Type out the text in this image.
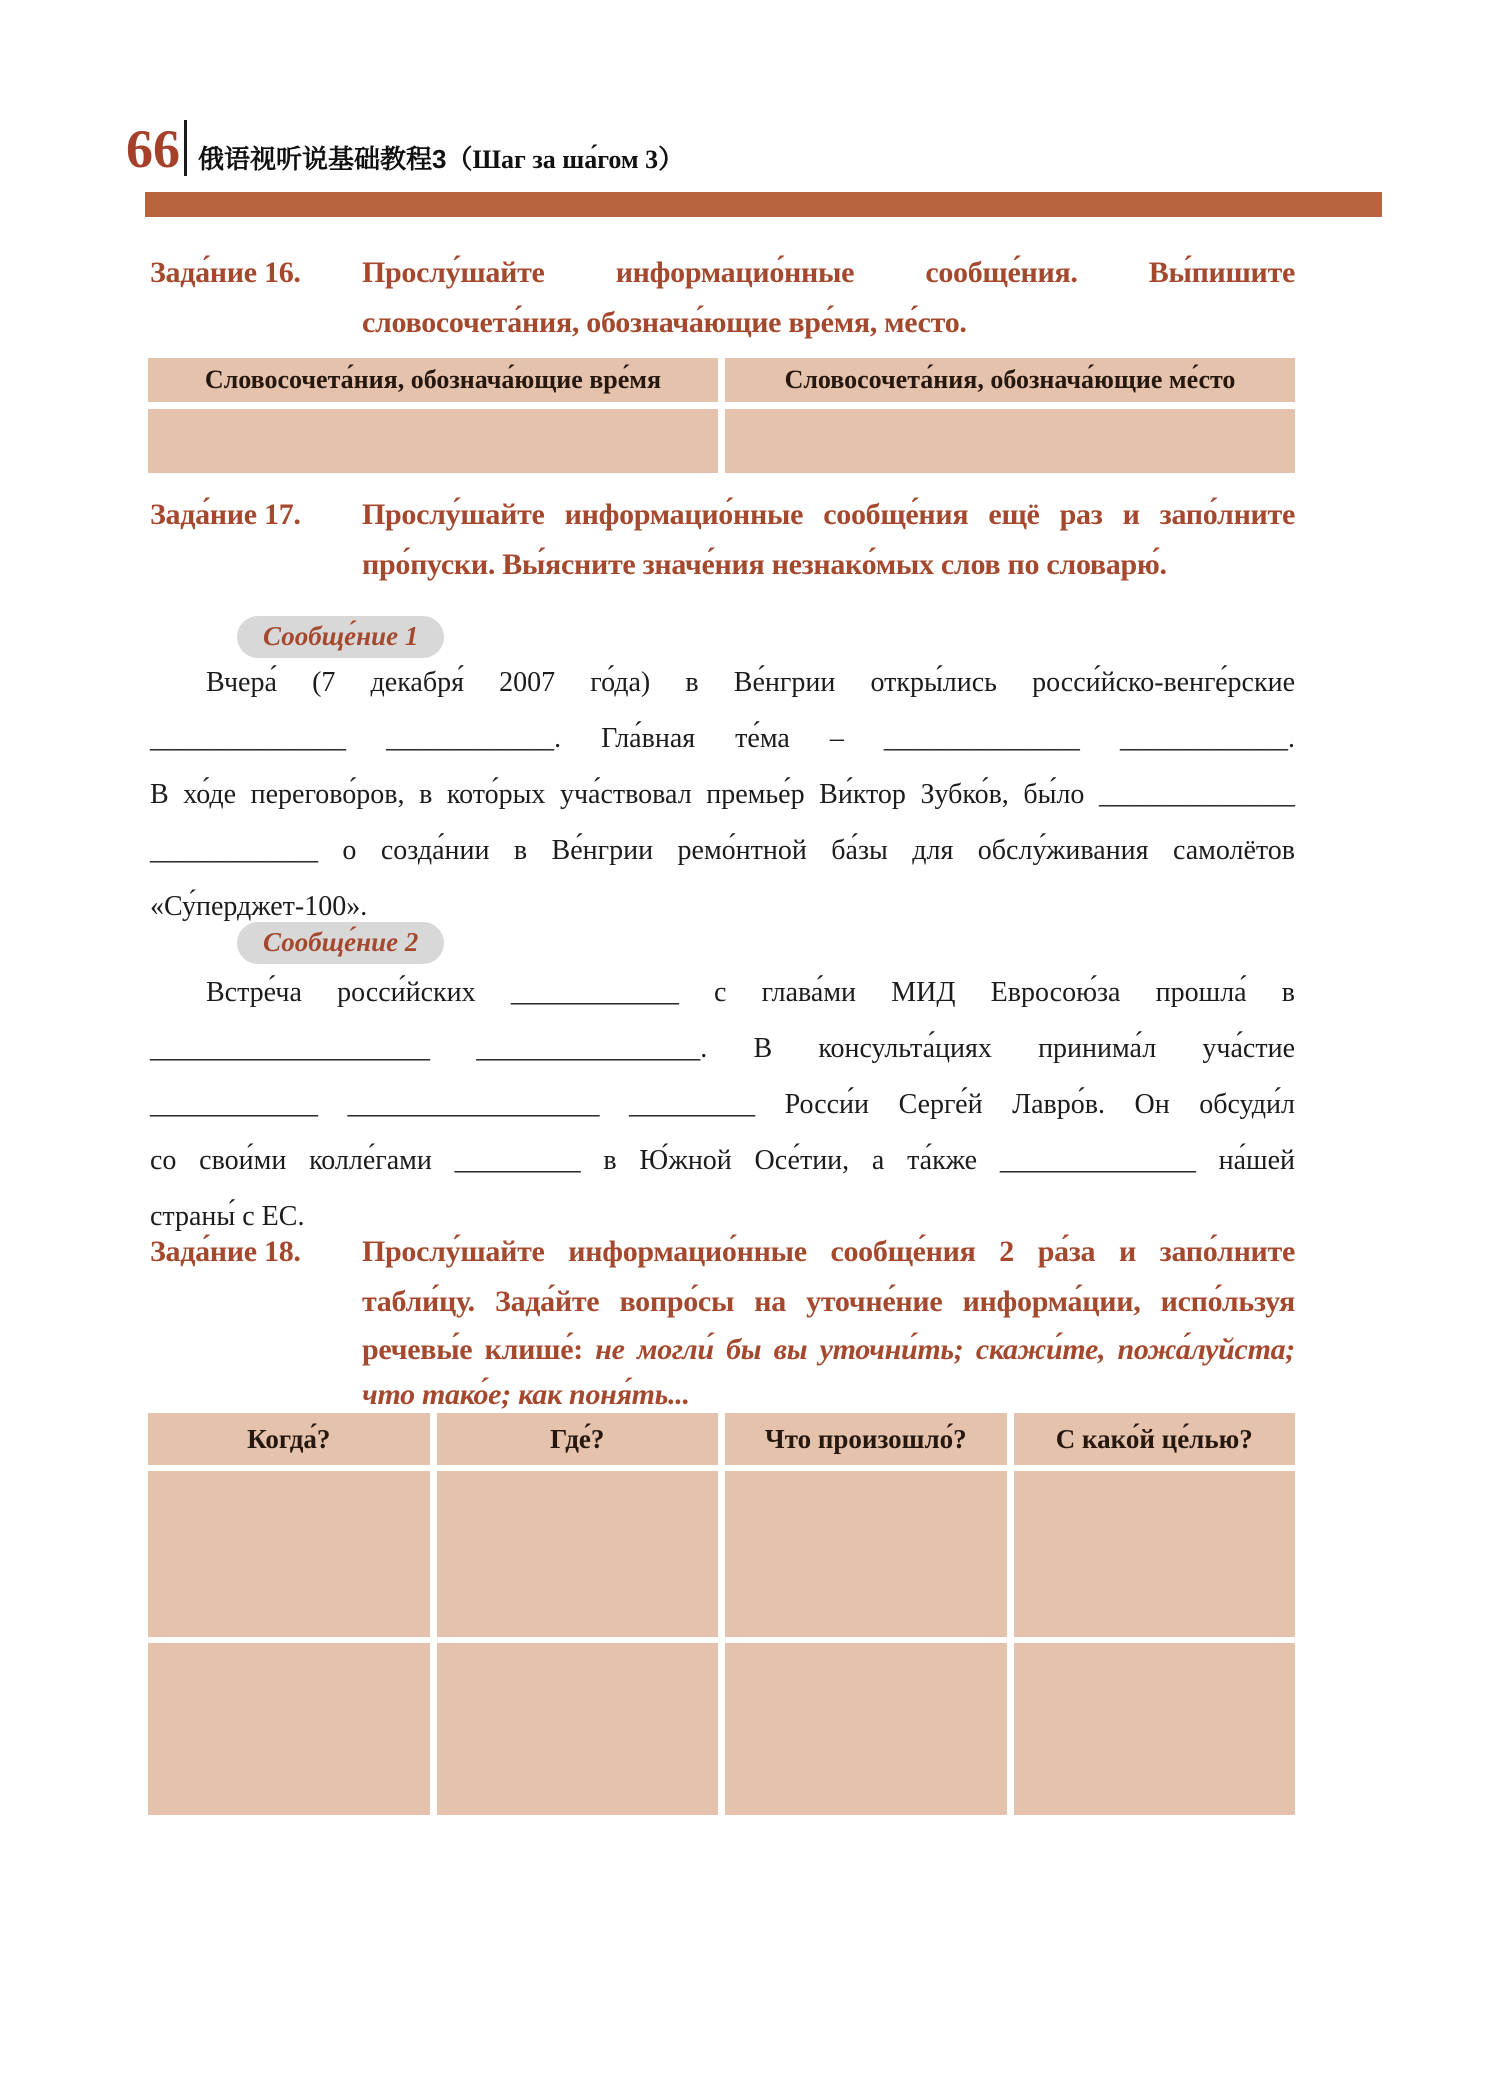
66 俄语视听说基础教程3（Шаг за ша́гом 3）
Зада́ние 16.	Прослу́шайте информацио́нные сообще́ния. Вы́пишите
словосочета́ния, обознача́ющие вре́мя, ме́сто.
Словосочета́ния, обознача́ющие вре́мя	Словосочета́ния, обознача́ющие ме́сто
Зада́ние 17.	Прослу́шайте информацио́нные сообще́ния ещё раз и запо́лните
про́пуски. Вы́ясните значе́ния незнако́мых слов по словарю́.
Сообще́ние 1
Вчера́ (7 декабря́ 2007 го́да) в Ве́нгрии откры́лись росси́йско-венге́рские
______________ ____________. Гла́вная те́ма – ______________ ____________.
В хо́де перегово́ров, в кото́рых уча́ствовал премье́р Ви́ктор Зубко́в, бы́ло ______________
____________ о созда́нии в Ве́нгрии ремо́нтной ба́зы для обслу́живания самолётов
«Су́перджет-100».
Сообще́ние 2
Встре́ча росси́йских ____________ с глава́ми МИД Евросою́за прошла́ в
____________________ ________________. В консульта́циях принима́л уча́стие
____________ __________________ _________ Росси́и Серге́й Лавро́в. Он обсуди́л
со свои́ми колле́гами _________ в Ю́жной Осе́тии, а та́кже ______________ на́шей
страны́ с ЕС.
Зада́ние 18.	Прослу́шайте информацио́нные сообще́ния 2 ра́за и запо́лните
табли́цу. Зада́йте вопро́сы на уточне́ние информа́ции, испо́льзуя
речевы́е клише́: не могли́ бы вы уточни́ть; скажи́те, пожа́луйста;
что тако́е; как поня́ть...
Когда́?	Где́?	Что произошло́?	С како́й це́лью?
